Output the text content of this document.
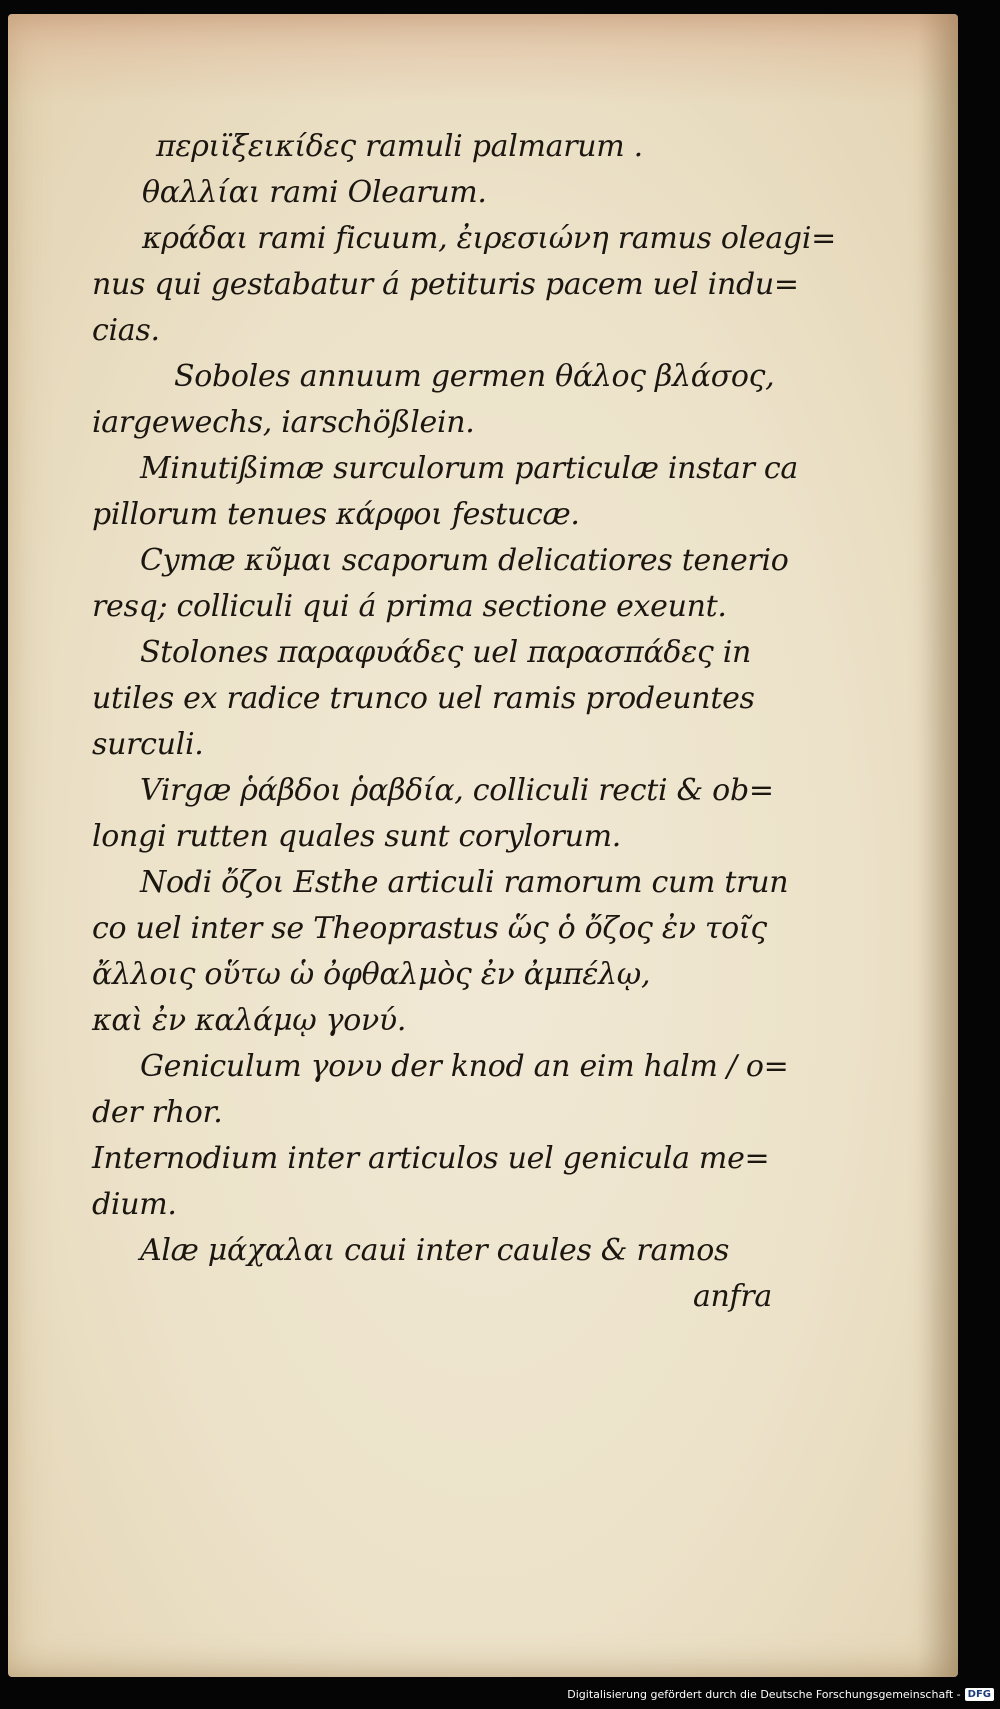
περιϊξεικίδες ramuli palmarum .
θαλλίαι rami Olearum.
κράδαι rami ficuum, ἐιρεσιώνη ramus oleagi=
nus qui gestabatur á petituris pacem uel indu=
cias.
Soboles annuum germen θάλος βλάσος,
iargewechs, iarschößlein.
Minutißimæ surculorum particulæ instar ca
pillorum tenues κάρφοι festucæ.
Cymæ κῦμαι scaporum delicatiores tenerio
resq; colliculi qui á prima sectione exeunt.
Stolones παραφυάδες uel παρασπάδες in
utiles ex radice trunco uel ramis prodeuntes
surculi.
Virgæ ῥάβδοι ῥαβδία, colliculi recti & ob=
longi rutten quales sunt corylorum.
Nodi ὄζοι Esthe articuli ramorum cum trun
co uel inter se Theoprastus ὥς ὁ ὄζος ἐν τοῖς
ἄλλοις οὕτω ὡ ὀφθαλμὸς ἐν ἀμπέλῳ,
καὶ ἐν καλάμῳ γονύ.
Geniculum γονυ der knod an eim halm / o=
der rhor.
Internodium inter articulos uel genicula me=
dium.
Alæ μάχαλαι caui inter caules & ramos
anfra
Digitalisierung gefördert durch die Deutsche Forschungsgemeinschaft - DFG
